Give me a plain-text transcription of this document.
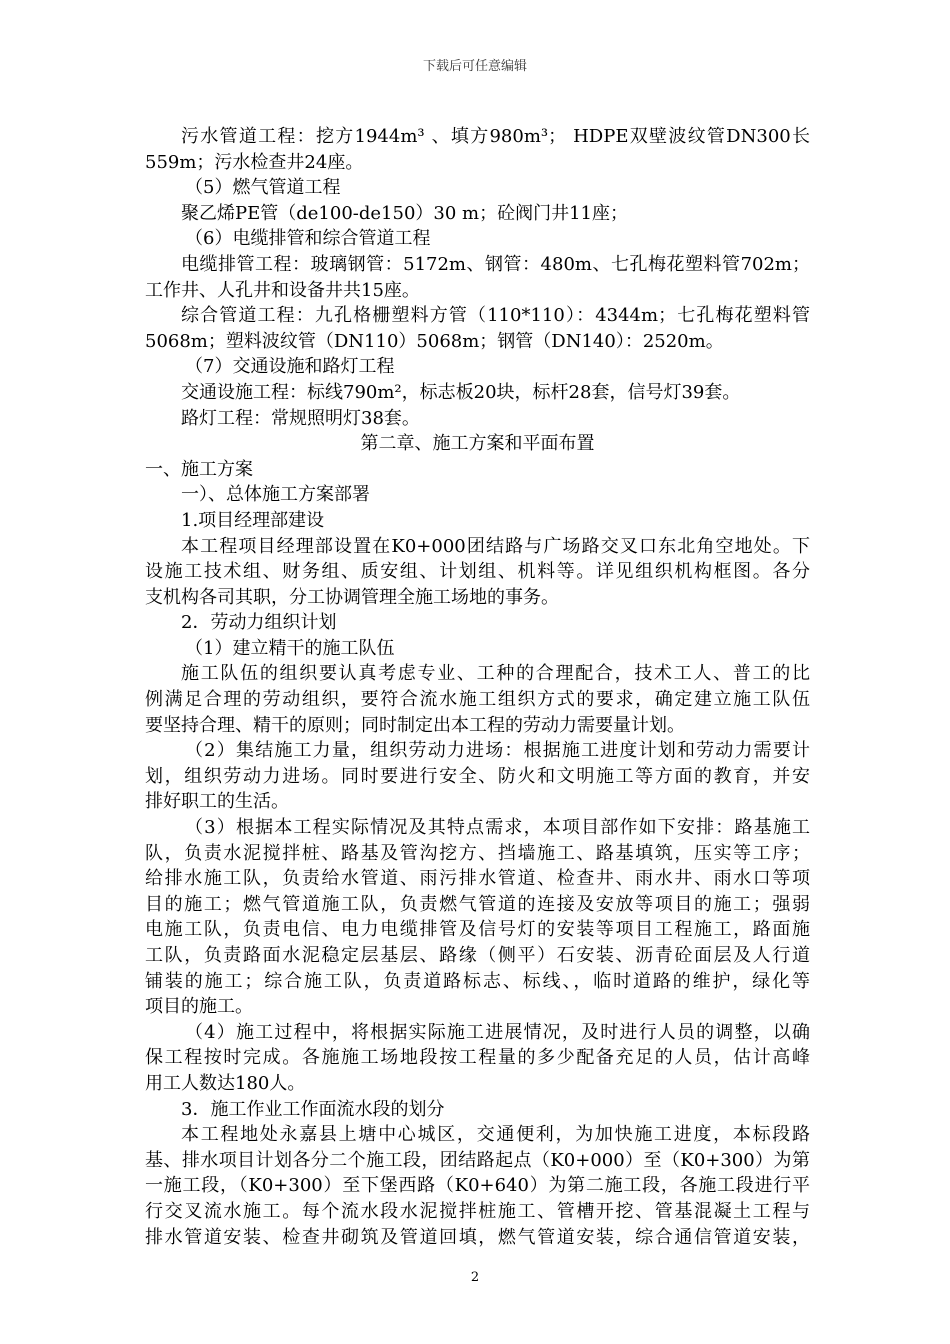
下载后可任意编辑
污水管道工程：挖方1944m³ 、填方980m³； HDPE双壁波纹管DN300长
559m；污水检查井24座。
（5）燃气管道工程
聚乙烯PE管（de100-de150）30 m；砼阀门井11座；
（6）电缆排管和综合管道工程
电缆排管工程：玻璃钢管：5172m、钢管：480m、七孔梅花塑料管702m；
工作井、人孔井和设备井共15座。
综合管道工程：九孔格栅塑料方管（110*110）：4344m；七孔梅花塑料管
5068m；塑料波纹管（DN110）5068m；钢管（DN140）：2520m。
（7）交通设施和路灯工程
交通设施工程：标线790m²，标志板20块，标杆28套，信号灯39套。
路灯工程：常规照明灯38套。
第二章、施工方案和平面布置
一、施工方案
一）、总体施工方案部署
1.项目经理部建设
本工程项目经理部设置在K0+000团结路与广场路交叉口东北角空地处。下
设施工技术组、财务组、质安组、计划组、机料等。详见组织机构框图。各分
支机构各司其职，分工协调管理全施工场地的事务。
2．劳动力组织计划
（1）建立精干的施工队伍
施工队伍的组织要认真考虑专业、工种的合理配合，技术工人、普工的比
例满足合理的劳动组织，要符合流水施工组织方式的要求，确定建立施工队伍
要坚持合理、精干的原则；同时制定出本工程的劳动力需要量计划。
（2）集结施工力量，组织劳动力进场：根据施工进度计划和劳动力需要计
划，组织劳动力进场。同时要进行安全、防火和文明施工等方面的教育，并安
排好职工的生活。
（3）根据本工程实际情况及其特点需求，本项目部作如下安排：路基施工
队，负责水泥搅拌桩、路基及管沟挖方、挡墙施工、路基填筑，压实等工序；
给排水施工队，负责给水管道、雨污排水管道、检查井、雨水井、雨水口等项
目的施工；燃气管道施工队，负责燃气管道的连接及安放等项目的施工；强弱
电施工队，负责电信、电力电缆排管及信号灯的安装等项目工程施工，路面施
工队，负责路面水泥稳定层基层、路缘（侧平）石安装、沥青砼面层及人行道
铺装的施工；综合施工队，负责道路标志、标线、，临时道路的维护，绿化等
项目的施工。
（4）施工过程中，将根据实际施工进展情况，及时进行人员的调整，以确
保工程按时完成。各施施工场地段按工程量的多少配备充足的人员，估计高峰
用工人数达180人。
3．施工作业工作面流水段的划分
本工程地处永嘉县上塘中心城区，交通便利，为加快施工进度，本标段路
基、排水项目计划各分二个施工段，团结路起点（K0+000）至（K0+300）为第
一施工段，（K0+300）至下堡西路（K0+640）为第二施工段，各施工段进行平
行交叉流水施工。每个流水段水泥搅拌桩施工、管槽开挖、管基混凝土工程与
排水管道安装、检查井砌筑及管道回填，燃气管道安装，综合通信管道安装，
2
